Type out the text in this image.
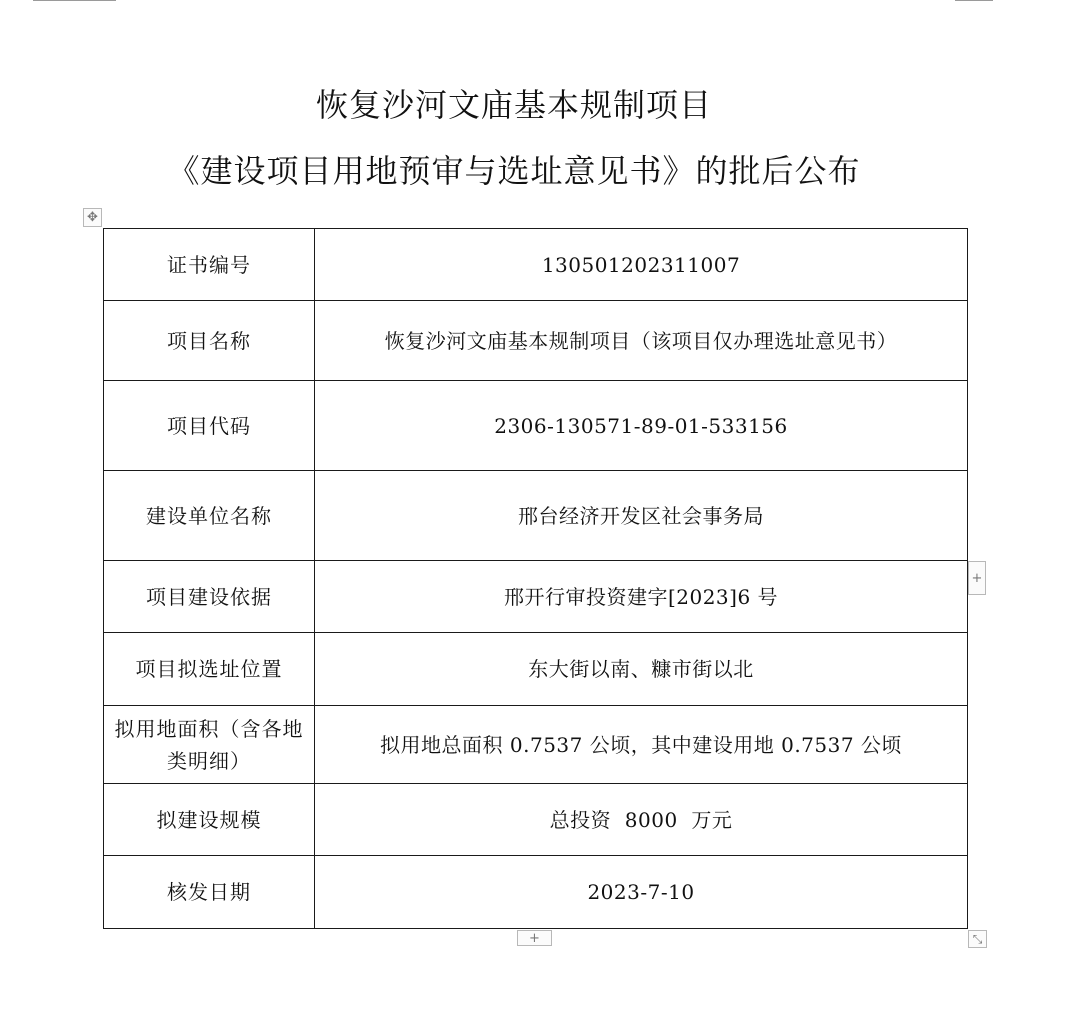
恢复沙河文庙基本规制项目
《建设项目用地预审与选址意见书》的批后公布
✥
证书编号	130501202311007
项目名称	恢复沙河文庙基本规制项目（该项目仅办理选址意见书）
项目代码	2306-130571-89-01-533156
建设单位名称	邢台经济开发区社会事务局
项目建设依据	邢开行审投资建字[2023]6 号
项目拟选址位置	东大街以南、糠市街以北
拟用地面积（含各地类明细）	拟用地总面积 0.7537 公顷，其中建设用地 0.7537 公顷
拟建设规模	总投资  8000  万元
核发日期	2023-7-10
+
+	⤡
